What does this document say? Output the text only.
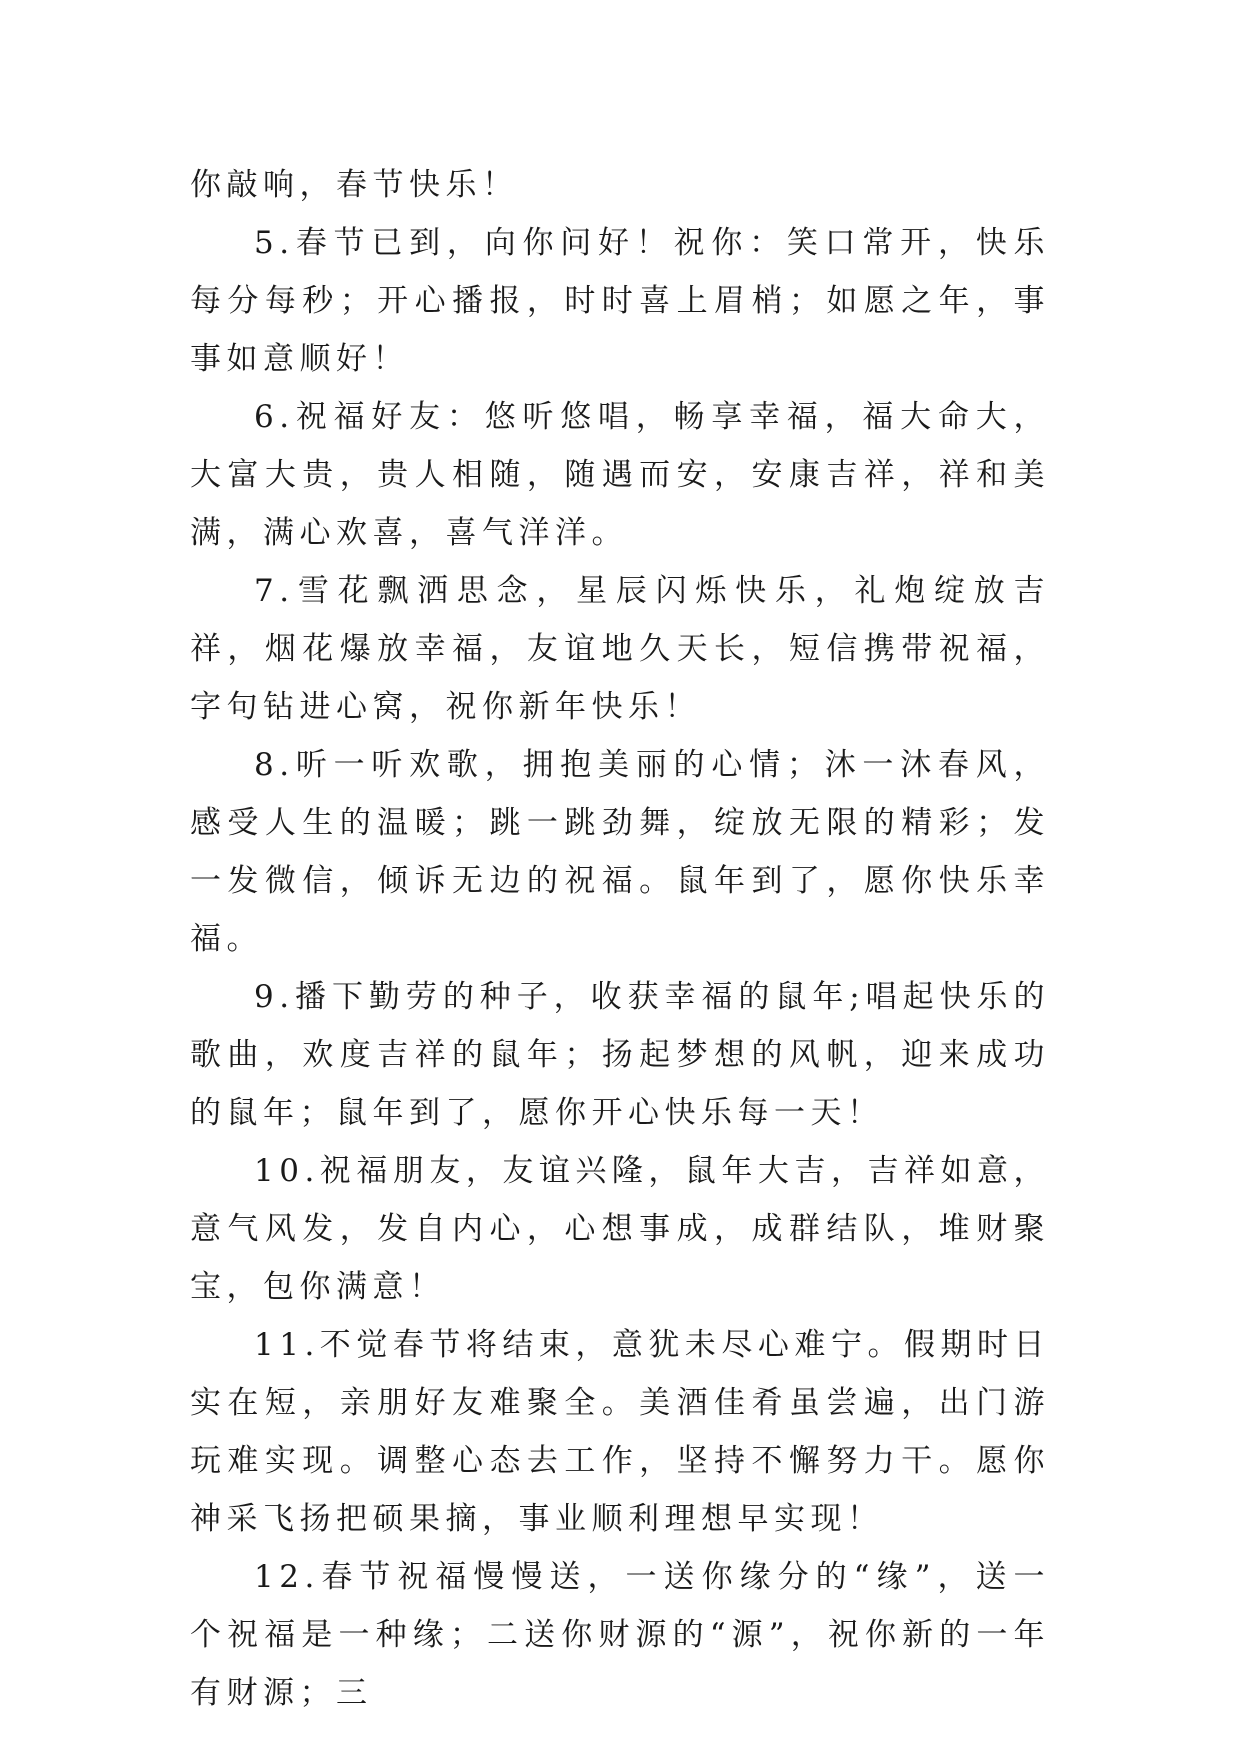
你敲响，春节快乐！

5.春节已到，向你问好！祝你：笑口常开，快乐每分每秒；开心播报，时时喜上眉梢；如愿之年，事事如意顺好！

6.祝福好友：悠听悠唱，畅享幸福，福大命大，大富大贵，贵人相随，随遇而安，安康吉祥，祥和美满，满心欢喜，喜气洋洋。

7.雪花飘洒思念，星辰闪烁快乐，礼炮绽放吉祥，烟花爆放幸福，友谊地久天长，短信携带祝福，字句钻进心窝，祝你新年快乐！

8.听一听欢歌，拥抱美丽的心情；沐一沐春风，感受人生的温暖；跳一跳劲舞，绽放无限的精彩；发一发微信，倾诉无边的祝福。鼠年到了，愿你快乐幸福。

9.播下勤劳的种子，收获幸福的鼠年;唱起快乐的歌曲，欢度吉祥的鼠年；扬起梦想的风帆，迎来成功的鼠年；鼠年到了，愿你开心快乐每一天！

10.祝福朋友，友谊兴隆，鼠年大吉，吉祥如意，意气风发，发自内心，心想事成，成群结队，堆财聚宝，包你满意！

11.不觉春节将结束，意犹未尽心难宁。假期时日实在短，亲朋好友难聚全。美酒佳肴虽尝遍，出门游玩难实现。调整心态去工作，坚持不懈努力干。愿你神采飞扬把硕果摘，事业顺利理想早实现！

12.春节祝福慢慢送，一送你缘分的“缘”，送一个祝福是一种缘；二送你财源的“源”，祝你新的一年有财源；三
